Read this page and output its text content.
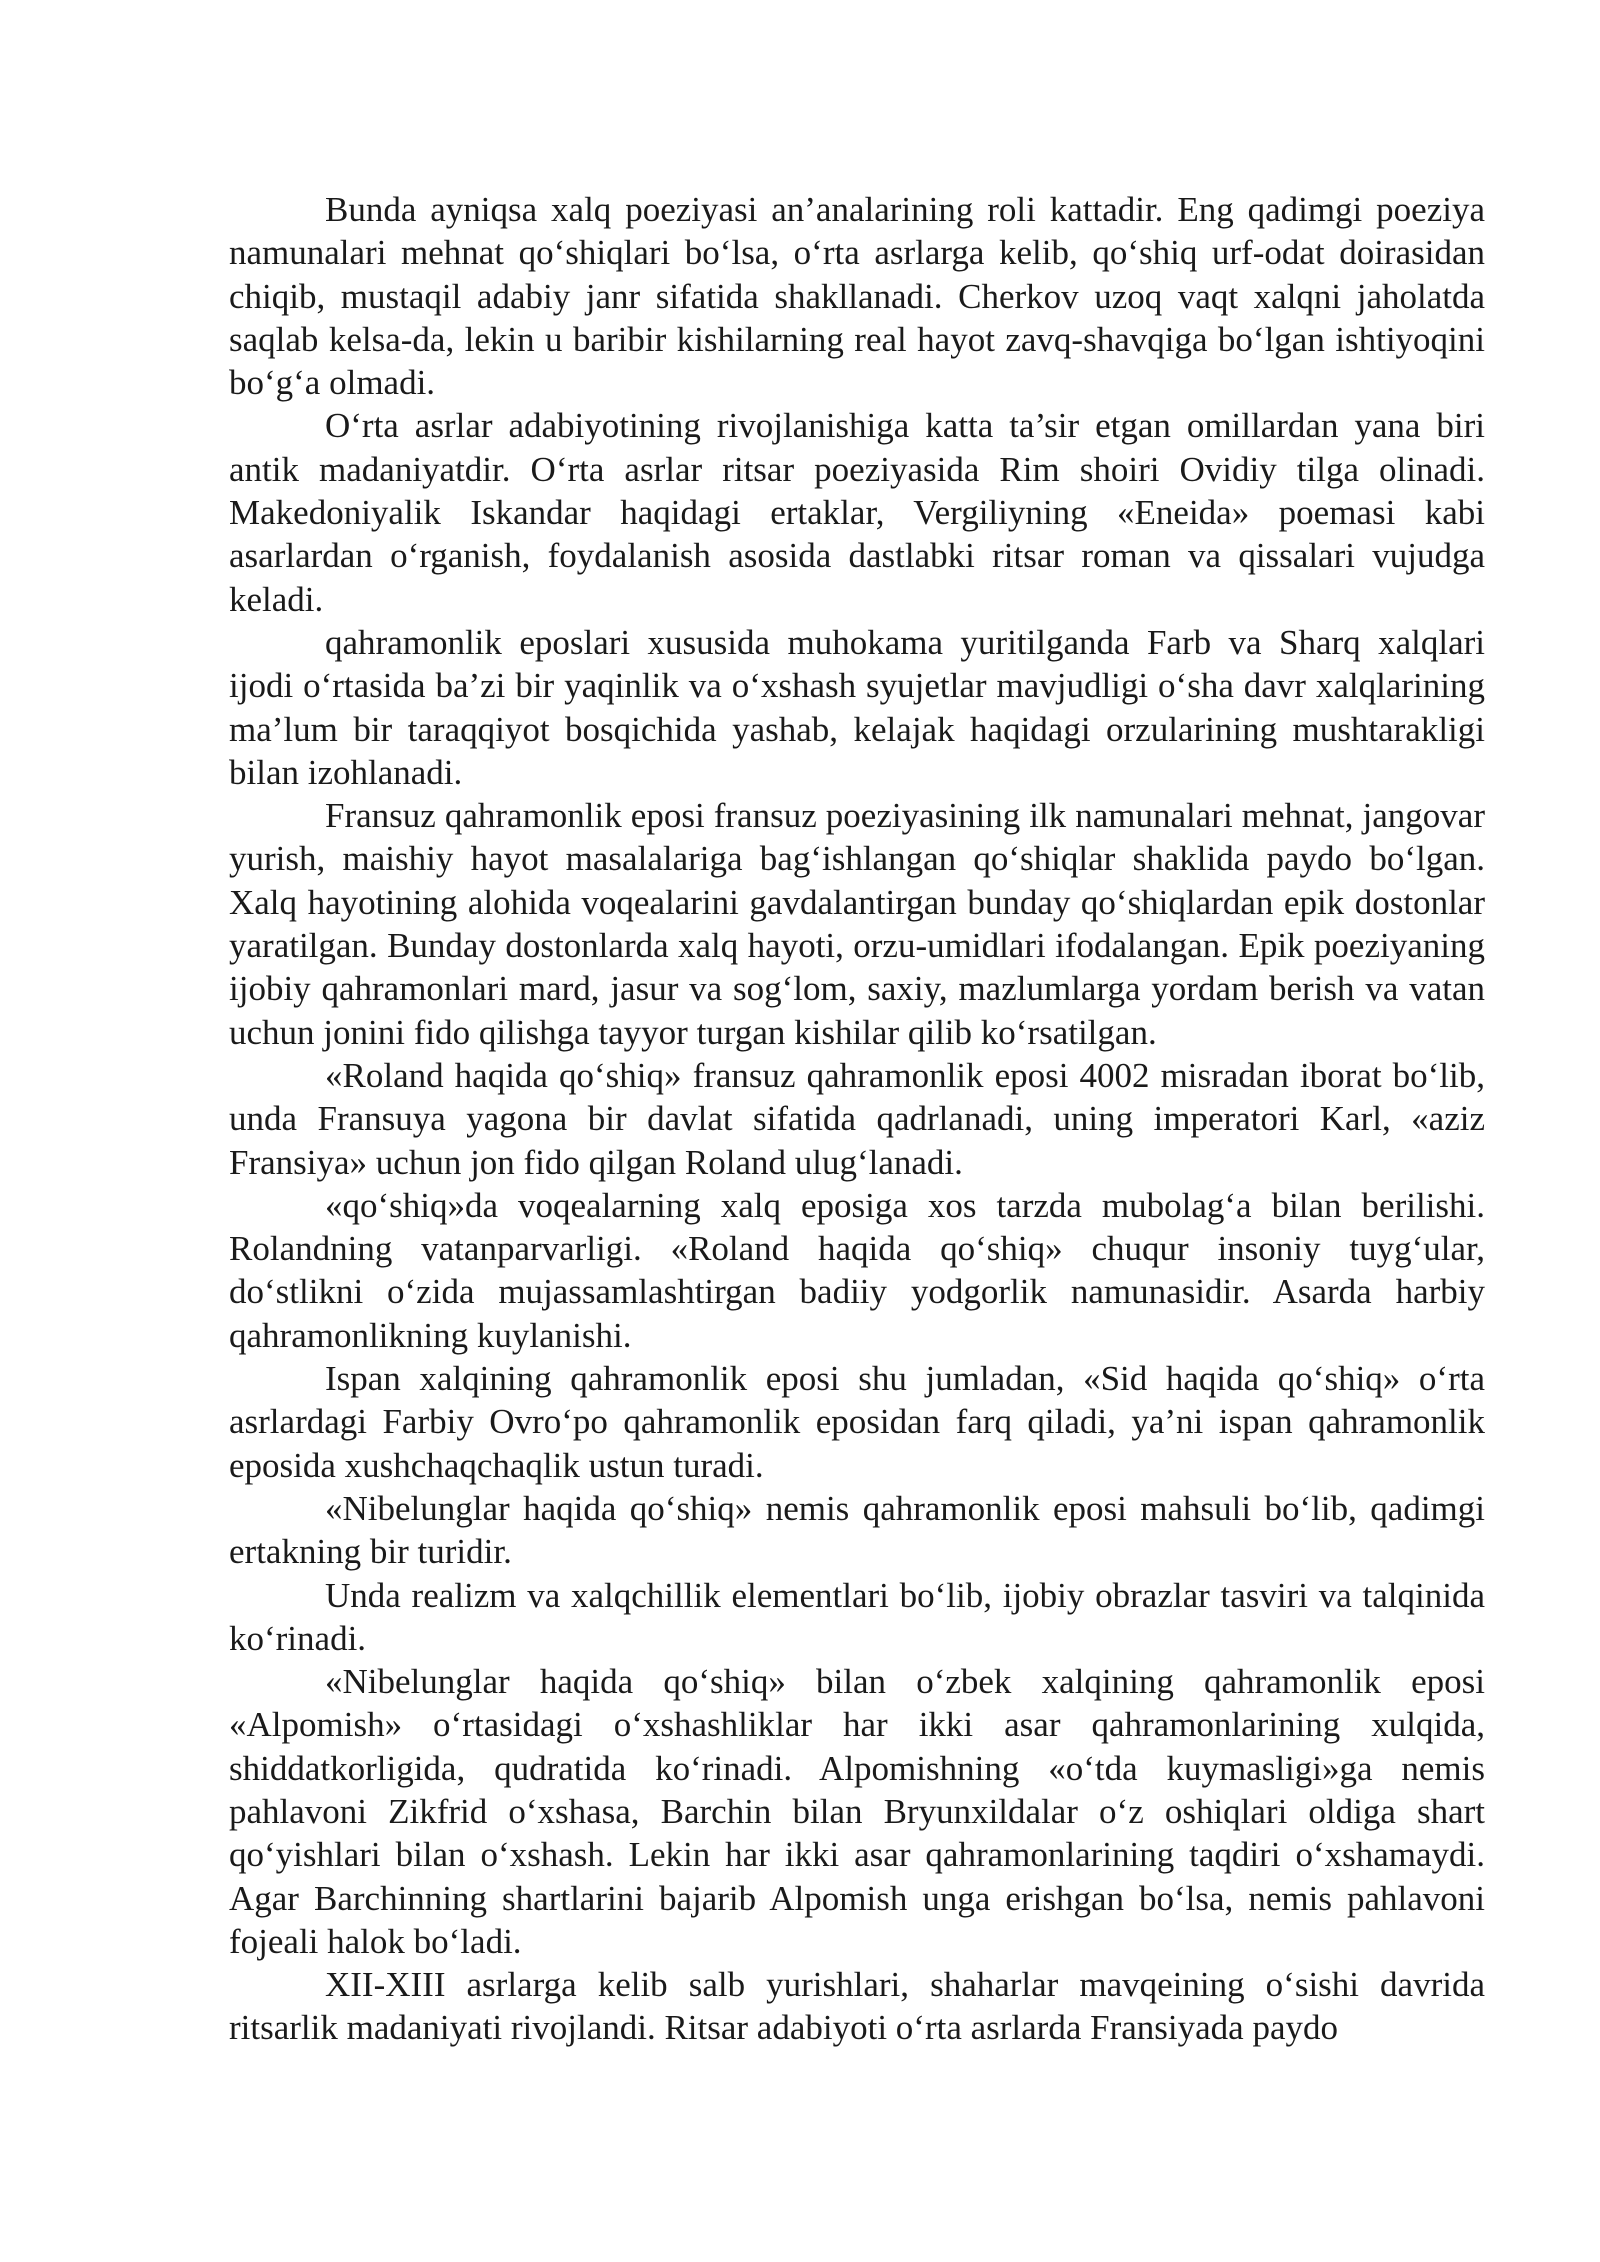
Bunda ayniqsa xalq poeziyasi an’analarining roli kattadir. Eng qadimgi poeziya namunalari mehnat qo‘shiqlari bo‘lsa, o‘rta asrlarga kelib, qo‘shiq urf-odat doirasidan chiqib, mustaqil adabiy janr sifatida shakllanadi. Cherkov uzoq vaqt xalqni jaholatda saqlab kelsa-da, lekin u baribir kishilarning real hayot zavq-shavqiga bo‘lgan ishtiyoqini bo‘g‘a olmadi.

O‘rta asrlar adabiyotining rivojlanishiga katta ta’sir etgan omillardan yana biri antik madaniyatdir. O‘rta asrlar ritsar poeziyasida Rim shoiri Ovidiy tilga olinadi. Makedoniyalik Iskandar haqidagi ertaklar, Vergiliyning «Eneida» poemasi kabi asarlardan o‘rganish, foydalanish asosida dastlabki ritsar roman va qissalari vujudga keladi.

qahramonlik eposlari xususida muhokama yuritilganda Farb va Sharq xalqlari ijodi o‘rtasida ba’zi bir yaqinlik va o‘xshash syujetlar mavjudligi o‘sha davr xalqlarining ma’lum bir taraqqiyot bosqichida yashab, kelajak haqidagi orzularining mushtarakligi bilan izohlanadi.

Fransuz qahramonlik eposi fransuz poeziyasining ilk namunalari mehnat, jangovar yurish, maishiy hayot masalalariga bag‘ishlangan qo‘shiqlar shaklida paydo bo‘lgan. Xalq hayotining alohida voqealarini gavdalantirgan bunday qo‘shiqlardan epik dostonlar yaratilgan. Bunday dostonlarda xalq hayoti, orzu-umidlari ifodalangan. Epik poeziyaning ijobiy qahramonlari mard, jasur va sog‘lom, saxiy, mazlumlarga yordam berish va vatan uchun jonini fido qilishga tayyor turgan kishilar qilib ko‘rsatilgan.

«Roland haqida qo‘shiq» fransuz qahramonlik eposi 4002 misradan iborat bo‘lib, unda Fransuya yagona bir davlat sifatida qadrlanadi, uning imperatori Karl, «aziz Fransiya» uchun jon fido qilgan Roland ulug‘lanadi.

«qo‘shiq»da voqealarning xalq eposiga xos tarzda mubolag‘a bilan berilishi. Rolandning vatanparvarligi. «Roland haqida qo‘shiq» chuqur insoniy tuyg‘ular, do‘stlikni o‘zida mujassamlashtirgan badiiy yodgorlik namunasidir. Asarda harbiy qahramonlikning kuylanishi.

Ispan xalqining qahramonlik eposi shu jumladan, «Sid haqida qo‘shiq» o‘rta asrlardagi Farbiy Ovro‘po qahramonlik eposidan farq qiladi, ya’ni ispan qahramonlik eposida xushchaqchaqlik ustun turadi.

«Nibelunglar haqida qo‘shiq» nemis qahramonlik eposi mahsuli bo‘lib, qadimgi ertakning bir turidir.

Unda realizm va xalqchillik elementlari bo‘lib, ijobiy obrazlar tasviri va talqinida ko‘rinadi.

«Nibelunglar haqida qo‘shiq» bilan o‘zbek xalqining qahramonlik eposi «Alpomish» o‘rtasidagi o‘xshashliklar har ikki asar qahramonlarining xulqida, shiddatkorligida, qudratida ko‘rinadi. Alpomishning «o‘tda kuymasligi»ga nemis pahlavoni Zikfrid o‘xshasa, Barchin bilan Bryunxildalar o‘z oshiqlari oldiga shart qo‘yishlari bilan o‘xshash. Lekin har ikki asar qahramonlarining taqdiri o‘xshamaydi. Agar Barchinning shartlarini bajarib Alpomish unga erishgan bo‘lsa, nemis pahlavoni fojeali halok bo‘ladi.

XII-XIII asrlarga kelib salb yurishlari, shaharlar mavqeining o‘sishi davrida ritsarlik madaniyati rivojlandi. Ritsar adabiyoti o‘rta asrlarda Fransiyada paydo
